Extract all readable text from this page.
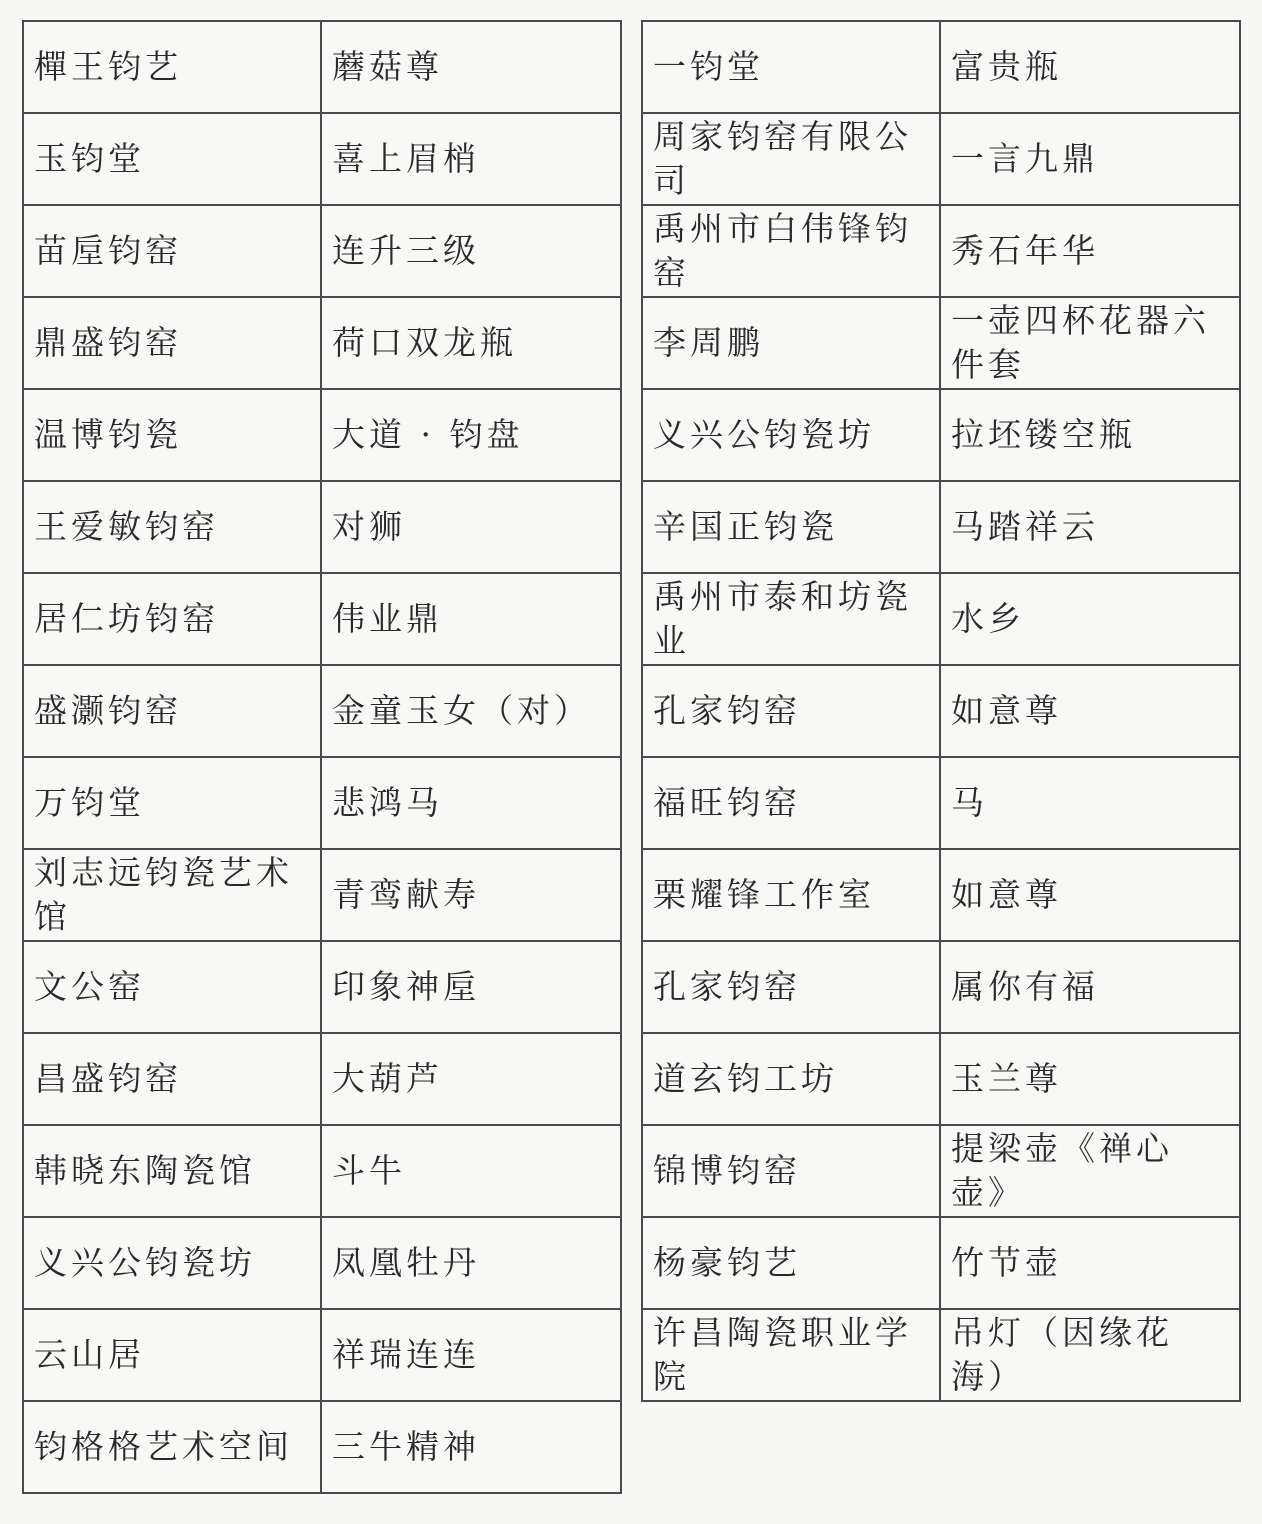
樿王钧艺	蘑菇尊
玉钧堂	喜上眉梢
苗垕钧窑	连升三级
鼎盛钧窑	荷口双龙瓶
温博钧瓷	大道 · 钧盘
王爱敏钧窑	对狮
居仁坊钧窑	伟业鼎
盛灏钧窑	金童玉女（对）
万钧堂	悲鸿马
刘志远钧瓷艺术馆	青鸾献寿
文公窑	印象神垕
昌盛钧窑	大葫芦
韩晓东陶瓷馆	斗牛
义兴公钧瓷坊	凤凰牡丹
云山居	祥瑞连连
钧格格艺术空间	三牛精神
一钧堂	富贵瓶
周家钧窑有限公司	一言九鼎
禹州市白伟锋钧窑	秀石年华
李周鹏	一壶四杯花器六件套
义兴公钧瓷坊	拉坯镂空瓶
辛国正钧瓷	马踏祥云
禹州市泰和坊瓷业	水乡
孔家钧窑	如意尊
福旺钧窑	马
栗耀锋工作室	如意尊
孔家钧窑	属你有福
道玄钧工坊	玉兰尊
锦博钧窑	提梁壶《禅心壶》
杨豪钧艺	竹节壶
许昌陶瓷职业学院	吊灯（因缘花海）
